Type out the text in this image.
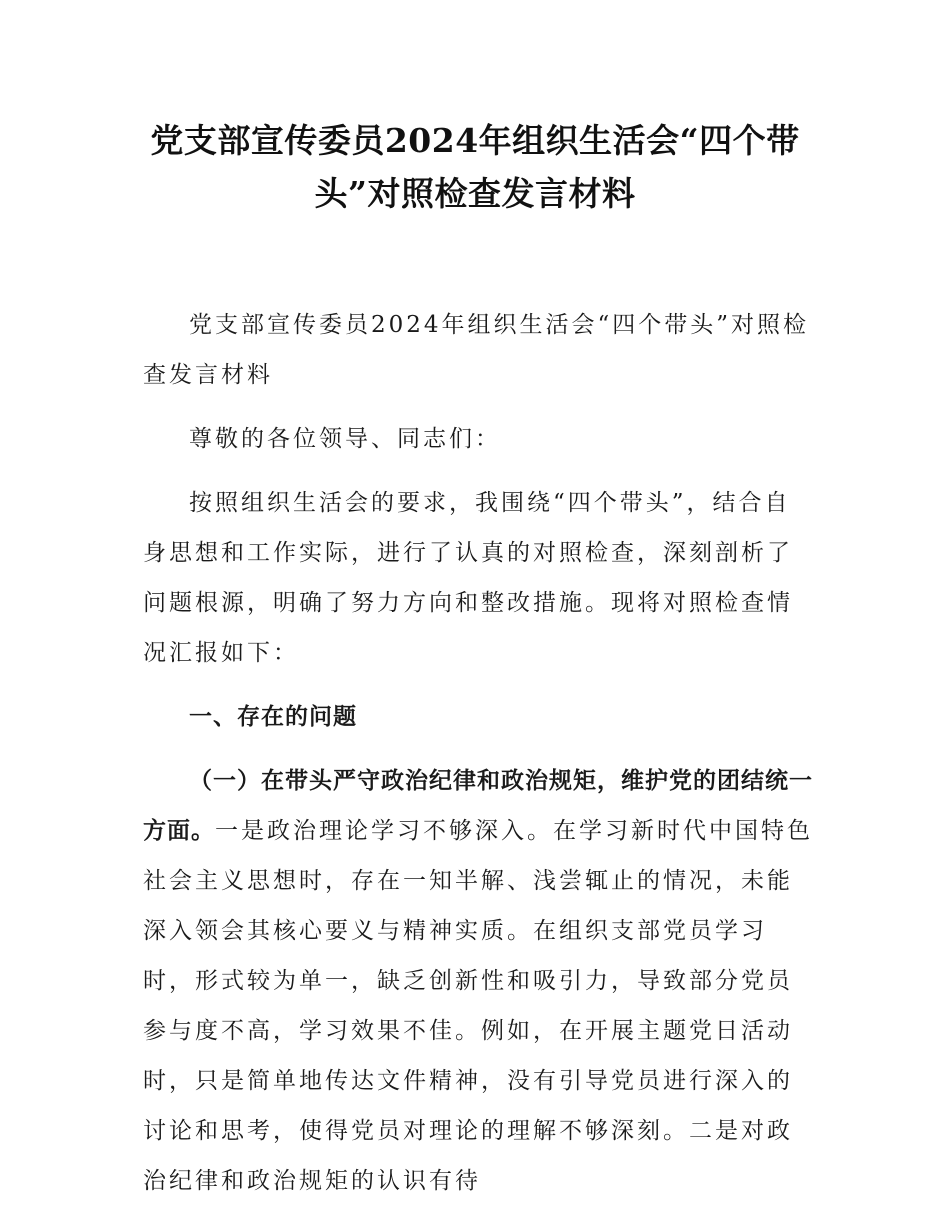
党支部宣传委员2024年组织生活会“四个带头”对照检查发言材料

党支部宣传委员2024年组织生活会“四个带头”对照检查发言材料

尊敬的各位领导、同志们：

按照组织生活会的要求，我围绕“四个带头”，结合自身思想和工作实际，进行了认真的对照检查，深刻剖析了问题根源，明确了努力方向和整改措施。现将对照检查情况汇报如下：

一、存在的问题

（一）在带头严守政治纪律和政治规矩，维护党的团结统一方面。一是政治理论学习不够深入。在学习新时代中国特色社会主义思想时，存在一知半解、浅尝辄止的情况，未能深入领会其核心要义与精神实质。在组织支部党员学习时，形式较为单一，缺乏创新性和吸引力，导致部分党员参与度不高，学习效果不佳。例如，在开展主题党日活动时，只是简单地传达文件精神，没有引导党员进行深入的讨论和思考，使得党员对理论的理解不够深刻。二是对政治纪律和政治规矩的认识有待
